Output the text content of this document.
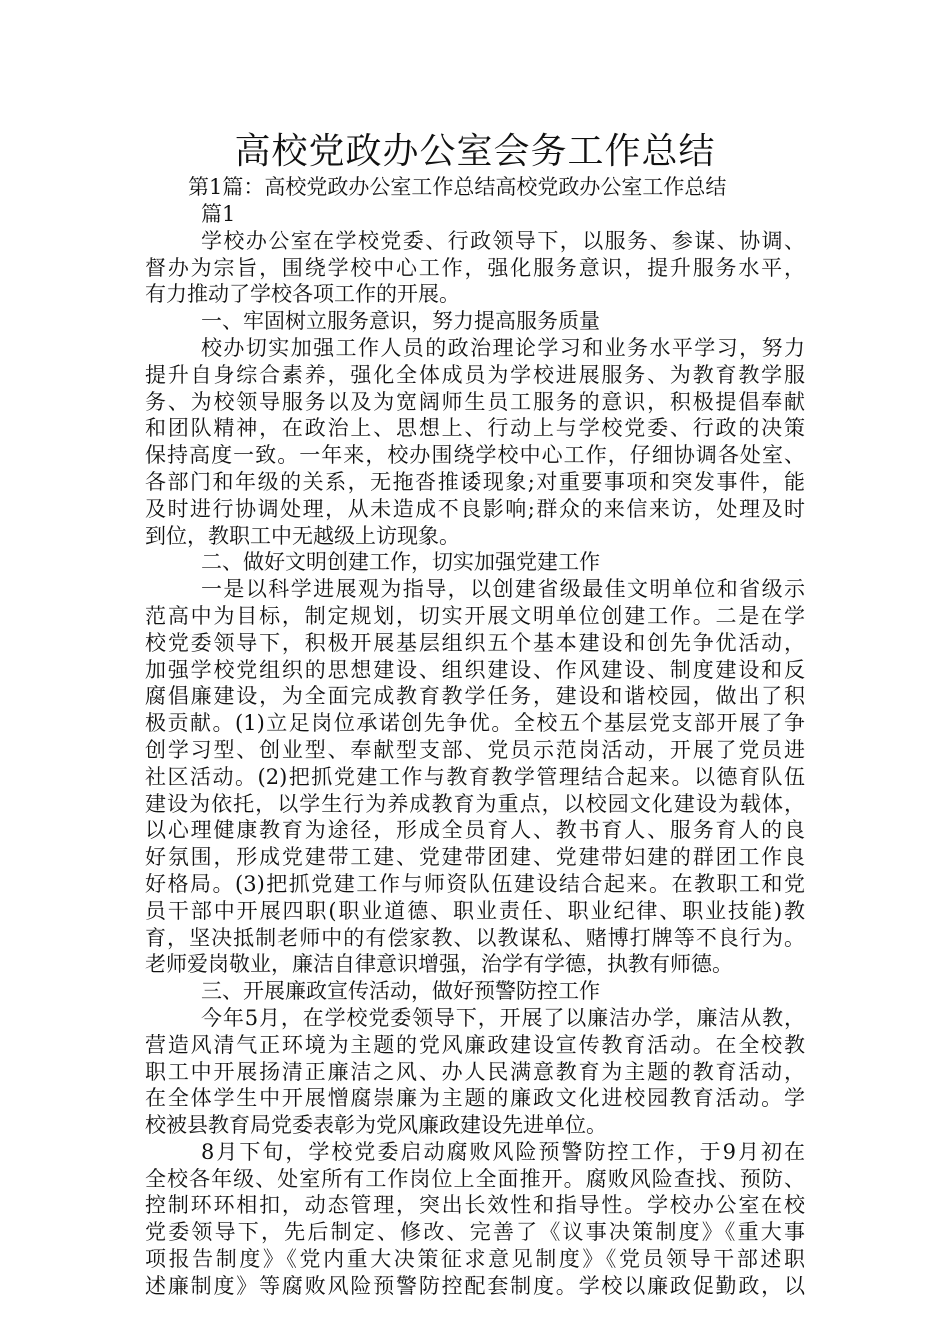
高校党政办公室会务工作总结
第1篇：高校党政办公室工作总结高校党政办公室工作总结
篇1
学校办公室在学校党委、行政领导下，以服务、参谋、协调、
督办为宗旨，围绕学校中心工作，强化服务意识，提升服务水平，
有力推动了学校各项工作的开展。
一、牢固树立服务意识，努力提高服务质量
校办切实加强工作人员的政治理论学习和业务水平学习，努力
提升自身综合素养，强化全体成员为学校进展服务、为教育教学服
务、为校领导服务以及为宽阔师生员工服务的意识，积极提倡奉献
和团队精神，在政治上、思想上、行动上与学校党委、行政的决策
保持高度一致。一年来，校办围绕学校中心工作，仔细协调各处室、
各部门和年级的关系，无拖沓推诿现象;对重要事项和突发事件，能
及时进行协调处理，从未造成不良影响;群众的来信来访，处理及时
到位，教职工中无越级上访现象。
二、做好文明创建工作，切实加强党建工作
一是以科学进展观为指导，以创建省级最佳文明单位和省级示
范高中为目标，制定规划，切实开展文明单位创建工作。二是在学
校党委领导下，积极开展基层组织五个基本建设和创先争优活动，
加强学校党组织的思想建设、组织建设、作风建设、制度建设和反
腐倡廉建设，为全面完成教育教学任务，建设和谐校园，做出了积
极贡献。(1)立足岗位承诺创先争优。全校五个基层党支部开展了争
创学习型、创业型、奉献型支部、党员示范岗活动，开展了党员进
社区活动。(2)把抓党建工作与教育教学管理结合起来。以德育队伍
建设为依托，以学生行为养成教育为重点，以校园文化建设为载体，
以心理健康教育为途径，形成全员育人、教书育人、服务育人的良
好氛围，形成党建带工建、党建带团建、党建带妇建的群团工作良
好格局。(3)把抓党建工作与师资队伍建设结合起来。在教职工和党
员干部中开展四职(职业道德、职业责任、职业纪律、职业技能)教
育，坚决抵制老师中的有偿家教、以教谋私、赌博打牌等不良行为。
老师爱岗敬业，廉洁自律意识增强，治学有学德，执教有师德。
三、开展廉政宣传活动，做好预警防控工作
今年5月，在学校党委领导下，开展了以廉洁办学，廉洁从教，
营造风清气正环境为主题的党风廉政建设宣传教育活动。在全校教
职工中开展扬清正廉洁之风、办人民满意教育为主题的教育活动，
在全体学生中开展憎腐崇廉为主题的廉政文化进校园教育活动。学
校被县教育局党委表彰为党风廉政建设先进单位。
8月下旬，学校党委启动腐败风险预警防控工作，于9月初在
全校各年级、处室所有工作岗位上全面推开。腐败风险查找、预防、
控制环环相扣，动态管理，突出长效性和指导性。学校办公室在校
党委领导下，先后制定、修改、完善了《议事决策制度》《重大事
项报告制度》《党内重大决策征求意见制度》《党员领导干部述职
述廉制度》等腐败风险预警防控配套制度。学校以廉政促勤政，以
